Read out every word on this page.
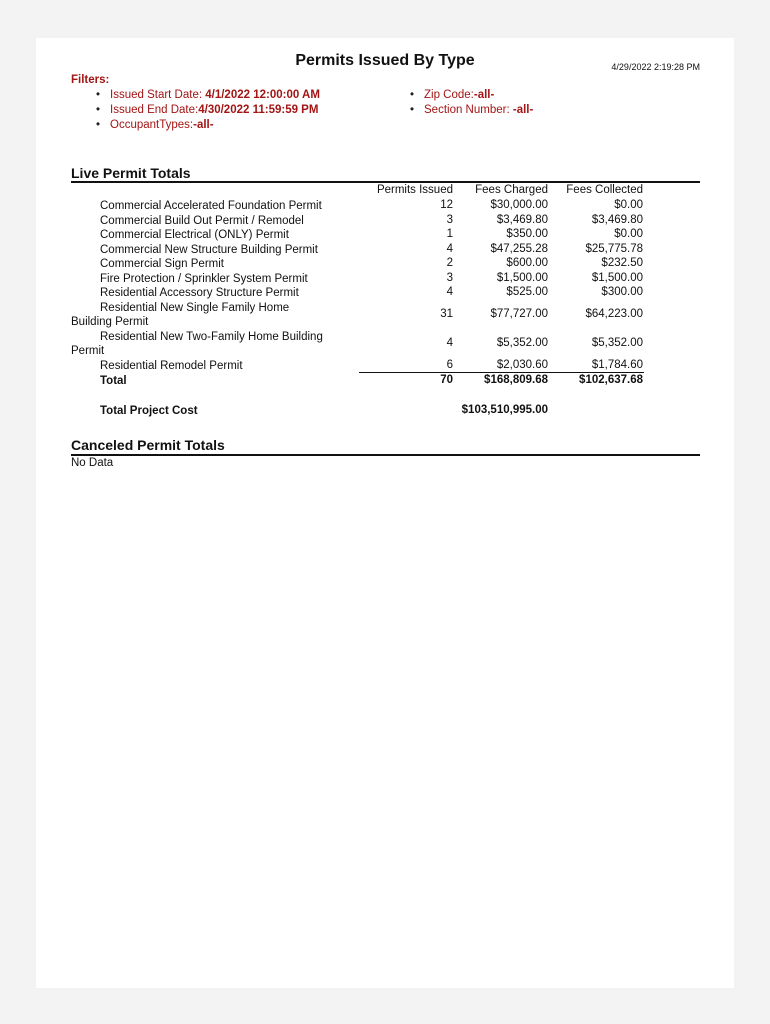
Permits Issued By Type	4/29/2022 2:19:28 PM
Filters:
• Issued Start Date: 4/1/2022 12:00:00 AM
• Issued End Date:4/30/2022 11:59:59 PM
• OccupantTypes:-all-
• Zip Code:-all-
• Section Number: -all-
Live Permit Totals
Permits Issued Fees Charged Fees Collected
Commercial Accelerated Foundation Permit	12	$30,000.00	$0.00
Commercial Build Out Permit / Remodel	3	$3,469.80	$3,469.80
Commercial Electrical (ONLY) Permit	1	$350.00	$0.00
Commercial New Structure Building Permit	4	$47,255.28	$25,775.78
Commercial Sign Permit	2	$600.00	$232.50
Fire Protection / Sprinkler System Permit	3	$1,500.00	$1,500.00
Residential Accessory Structure Permit	4	$525.00	$300.00
Residential New Single Family Home
Building Permit
31	$77,727.00	$64,223.00
Residential New Two-Family Home Building
Permit
4	$5,352.00	$5,352.00
Residential Remodel Permit	6	$2,030.60	$1,784.60
Total	70	$168,809.68	$102,637.68
Total Project Cost	$103,510,995.00
Canceled Permit Totals
No Data
